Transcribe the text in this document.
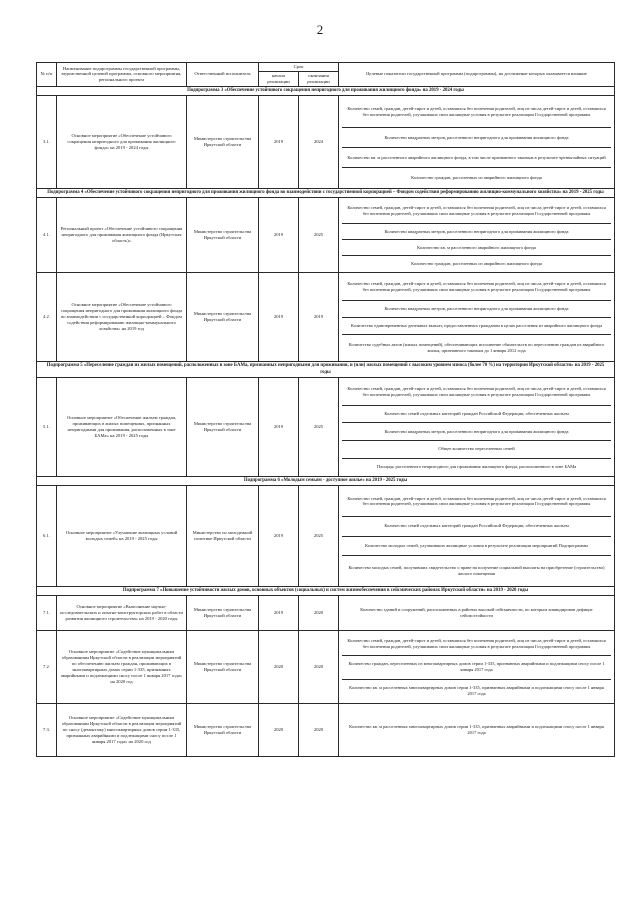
2
№ п/п	Наименование подпрограммы государственной программы, ведомственной целевой программы, основного мероприятия, регионального проекта	Ответственный исполнитель	Срок	Целевые показатели государственной программы (подпрограммы), на достижение которых оказывается влияние
начала реализации	окончания реализации
Подпрограмма 3 «Обеспечение устойчивого сокращения непригодного для проживания жилищного фонда» на 2019 - 2024 годы
3.1.	Основное мероприятие «Обеспечение устойчивого сокращения непригодного для проживания жилищного фонда» на 2019 - 2024 годы	Министерство строительства Иркутской области	2019	2024	
Количество семей, граждан, детей-сирот и детей, оставшихся без попечения родителей, лиц из числа детей-сирот и детей, оставшихся без попечения родителей, улучшивших свои жилищные условия в результате реализации Государственной программы
Количество квадратных метров, расселенного непригодного для проживания жилищного фонда
Количество кв. м расселенного аварийного жилищного фонда, в том числе признанного таковым в результате чрезвычайных ситуаций
Количество граждан, расселенных из аварийного жилищного фонда

Подпрограмма 4 «Обеспечение устойчивого сокращения непригодного для проживания жилищного фонда во взаимодействии с государственной корпорацией – Фондом содействия реформированию жилищно-коммунального хозяйства» на 2019 - 2025 годы
4.1.	Региональный проект «Обеспечение устойчивого сокращения непригодного для проживания жилищного фонда (Иркутская область)»	Министерство строительства Иркутской области	2019	2025	
Количество семей, граждан, детей-сирот и детей, оставшихся без попечения родителей, лиц из числа детей-сирот и детей, оставшихся без попечения родителей, улучшивших свои жилищные условия в результате реализации Государственной программы
Количество квадратных метров, расселенного непригодного для проживания жилищного фонда
Количество кв. м расселенного аварийного жилищного фонда
Количество граждан, расселенных из аварийного жилищного фонда

4.2.	Основное мероприятие «Обеспечение устойчивого сокращения непригодного для проживания жилищного фонда во взаимодействии с государственной корпорацией – Фондом содействия реформированию жилищно-коммунального хозяйства» на 2019 год	Министерство строительства Иркутской области	2019	2019	
Количество семей, граждан, детей-сирот и детей, оставшихся без попечения родителей, лиц из числа детей-сирот и детей, оставшихся без попечения родителей, улучшивших свои жилищные условия в результате реализации Государственной программы
Количество квадратных метров, расселенного непригодного для проживания жилищного фонда
Количество единовременных денежных выплат, предоставленных гражданам в целях расселения из аварийного жилищного фонда
Количество судебных актов (жилых помещений), обеспечивающих исполнение обязательств по переселению граждан из аварийного жилья, признанного таковым до 1 января 2012 года

Подпрограмма 5 «Переселение граждан из жилых помещений, расположенных в зоне БАМа, признанных непригодными для проживания, и (или) жилых помещений с высоким уровнем износа (более 70 %) на территории Иркутской области» на 2019 - 2025 годы
5.1.	Основное мероприятие «Обеспечение жильем граждан, проживающих в жилых помещениях, признанных непригодными для проживания, расположенных в зоне БАМа» на 2019 - 2025 годы	Министерство строительства Иркутской области	2019	2025	
Количество семей, граждан, детей-сирот и детей, оставшихся без попечения родителей, лиц из числа детей-сирот и детей, оставшихся без попечения родителей, улучшивших свои жилищные условия в результате реализации Государственной программы
Количество семей отдельных категорий граждан Российской Федерации, обеспеченных жильем
Количество квадратных метров, расселенного непригодного для проживания жилищного фонда
Общее количество переселенных семей
Площадь расселенного непригодного для проживания жилищного фонда, расположенного в зоне БАМа

Подпрограмма 6 «Молодым семьям - доступное жилье» на 2019 - 2025 годы
6.1.	Основное мероприятие «Улучшение жилищных условий молодых семей» на 2019 - 2025 годы	Министерство по молодежной политике Иркутской области	2019	2025	
Количество семей, граждан, детей-сирот и детей, оставшихся без попечения родителей, лиц из числа детей-сирот и детей, оставшихся без попечения родителей, улучшивших свои жилищные условия в результате реализации Государственной программы
Количество семей отдельных категорий граждан Российской Федерации, обеспеченных жильем
Количество молодых семей, улучшивших жилищные условия в результате реализации мероприятий Подпрограммы
Количество молодых семей, получивших свидетельство о праве на получение социальной выплаты на приобретение (строительство) жилого помещения

Подпрограмма 7 «Повышение устойчивости жилых домов, основных объектов (социальных) и систем жизнеобеспечения в сейсмических районах Иркутской области» на 2019 - 2020 годы
7.1.	Основное мероприятие «Выполнение научно-исследовательских и опытно-конструкторских работ в области развития жилищного строительства» на 2019 - 2020 годы	Министерство строительства Иркутской области	2019	2020	
Количество зданий и сооружений, расположенных в районах высокой сейсмичности, по которым ликвидирован дефицит сейсмостойкости

7.2.	Основное мероприятие «Содействие муниципальным образованиям Иркутской области в реализации мероприятий по обеспечению жильем граждан, проживающих в многоквартирных домах серии 1-335, признанных аварийными и подлежащими сносу после 1 января 2017 года» на 2020 год	Министерство строительства Иркутской области	2020	2020	
Количество семей, граждан, детей-сирот и детей, оставшихся без попечения родителей, лиц из числа детей-сирот и детей, оставшихся без попечения родителей, улучшивших свои жилищные условия в результате реализации Государственной программы
Количество граждан, переселенных из многоквартирных домов серии 1-335, признанных аварийными и подлежащими сносу после 1 января 2017 года
Количество кв. м расселенных многоквартирных домов серии 1-335, признанных аварийными и подлежащими сносу после 1 января 2017 года

7.3.	Основное мероприятие «Содействие муниципальным образованиям Иркутской области в реализации мероприятий по сносу (демонтажу) многоквартирных домов серии 1-335, признанных аварийными и подлежащими сносу после 1 января 2017 года» на 2020 год	Министерство строительства Иркутской области	2020	2020	
Количество кв. м расселенных многоквартирных домов серии 1-335, признанных аварийными и подлежащими сносу после 1 января 2017 года
